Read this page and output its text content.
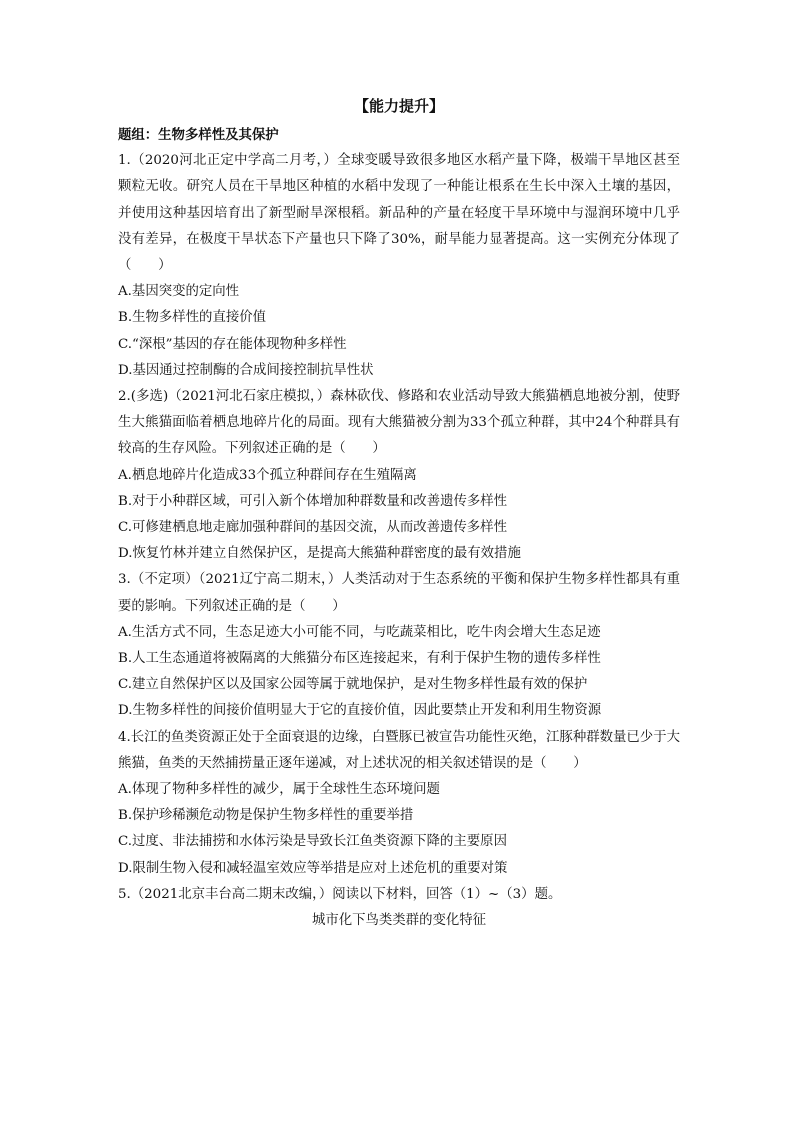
【能力提升】
题组：生物多样性及其保护
1.（2020河北正定中学高二月考，）全球变暖导致很多地区水稻产量下降，极端干旱地区甚至颗粒无收。研究人员在干旱地区种植的水稻中发现了一种能让根系在生长中深入土壤的基因，并使用这种基因培育出了新型耐旱深根稻。新品种的产量在轻度干旱环境中与湿润环境中几乎没有差异，在极度干旱状态下产量也只下降了30%，耐旱能力显著提高。这一实例充分体现了（　　）
A.基因突变的定向性
B.生物多样性的直接价值
C.“深根”基因的存在能体现物种多样性
D.基因通过控制酶的合成间接控制抗旱性状
2.(多选)（2021河北石家庄模拟，）森林砍伐、修路和农业活动导致大熊猫栖息地被分割，使野生大熊猫面临着栖息地碎片化的局面。现有大熊猫被分割为33个孤立种群，其中24个种群具有较高的生存风险。下列叙述正确的是（　　）
A.栖息地碎片化造成33个孤立种群间存在生殖隔离
B.对于小种群区域，可引入新个体增加种群数量和改善遗传多样性
C.可修建栖息地走廊加强种群间的基因交流，从而改善遗传多样性
D.恢复竹林并建立自然保护区，是提高大熊猫种群密度的最有效措施
3.（不定项）（2021辽宁高二期末，）人类活动对于生态系统的平衡和保护生物多样性都具有重要的影响。下列叙述正确的是（　　）
A.生活方式不同，生态足迹大小可能不同，与吃蔬菜相比，吃牛肉会增大生态足迹
B.人工生态通道将被隔离的大熊猫分布区连接起来，有利于保护生物的遗传多样性
C.建立自然保护区以及国家公园等属于就地保护，是对生物多样性最有效的保护
D.生物多样性的间接价值明显大于它的直接价值，因此要禁止开发和利用生物资源
4.长江的鱼类资源正处于全面衰退的边缘，白暨豚已被宣告功能性灭绝，江豚种群数量已少于大熊猫，鱼类的天然捕捞量正逐年递减，对上述状况的相关叙述错误的是（　　）
A.体现了物种多样性的减少，属于全球性生态环境问题
B.保护珍稀濒危动物是保护生物多样性的重要举措
C.过度、非法捕捞和水体污染是导致长江鱼类资源下降的主要原因
D.限制生物入侵和减轻温室效应等举措是应对上述危机的重要对策
5.（2021北京丰台高二期末改编，）阅读以下材料，回答（1）~（3）题。
城市化下鸟类类群的变化特征
